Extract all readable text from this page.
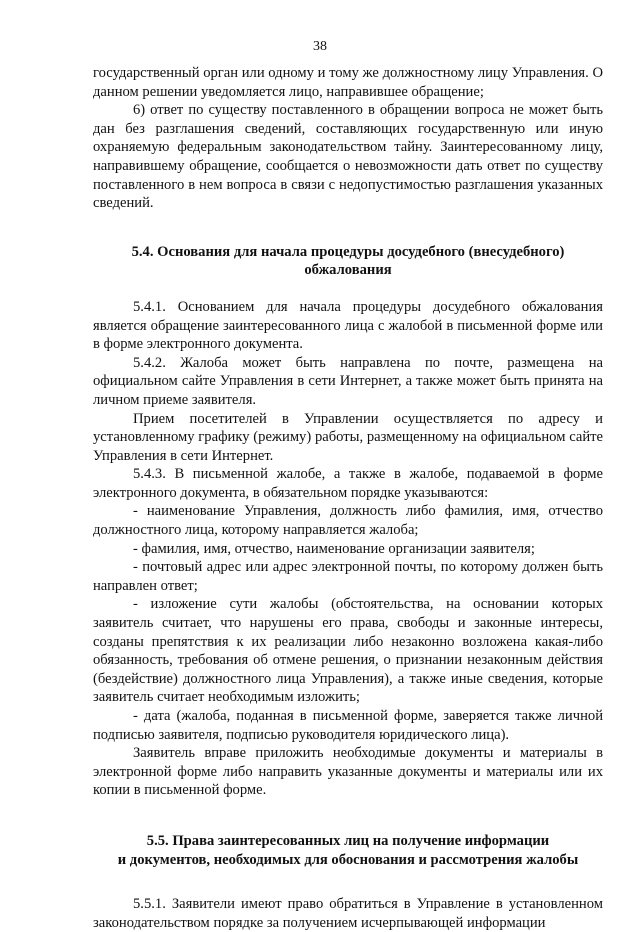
38

государственный орган или одному и тому же должностному лицу Управления. О данном решении уведомляется лицо, направившее обращение;

6) ответ по существу поставленного в обращении вопроса не может быть дан без разглашения сведений, составляющих государственную или иную охраняемую федеральным законодательством тайну. Заинтересованному лицу, направившему обращение, сообщается о невозможности дать ответ по существу поставленного в нем вопроса в связи с недопустимостью разглашения указанных сведений.

5.4. Основания для начала процедуры досудебного (внесудебного)
обжалования

5.4.1. Основанием для начала процедуры досудебного обжалования является обращение заинтересованного лица с жалобой в письменной форме или в форме электронного документа.

5.4.2. Жалоба может быть направлена по почте, размещена на официальном сайте Управления в сети Интернет, а также может быть принята на личном приеме заявителя.

Прием посетителей в Управлении осуществляется по адресу и установленному графику (режиму) работы, размещенному на официальном сайте Управления в сети Интернет.

5.4.3. В письменной жалобе, а также в жалобе, подаваемой в форме электронного документа, в обязательном порядке указываются:

- наименование Управления, должность либо фамилия, имя, отчество должностного лица, которому направляется жалоба;

- фамилия, имя, отчество, наименование организации заявителя;

- почтовый адрес или адрес электронной почты, по которому должен быть направлен ответ;

- изложение сути жалобы (обстоятельства, на основании которых заявитель считает, что нарушены его права, свободы и законные интересы, созданы препятствия к их реализации либо незаконно возложена какая-либо обязанность, требования об отмене решения, о признании незаконным действия (бездействие) должностного лица Управления), а также иные сведения, которые заявитель считает необходимым изложить;

- дата (жалоба, поданная в письменной форме, заверяется также личной подписью заявителя, подписью руководителя юридического лица).

Заявитель вправе приложить необходимые документы и материалы в электронной форме либо направить указанные документы и материалы или их копии в письменной форме.

5.5. Права заинтересованных лиц на получение информации
и документов, необходимых для обоснования и рассмотрения жалобы

5.5.1. Заявители имеют право обратиться в Управление в установленном законодательством порядке за получением исчерпывающей информации
